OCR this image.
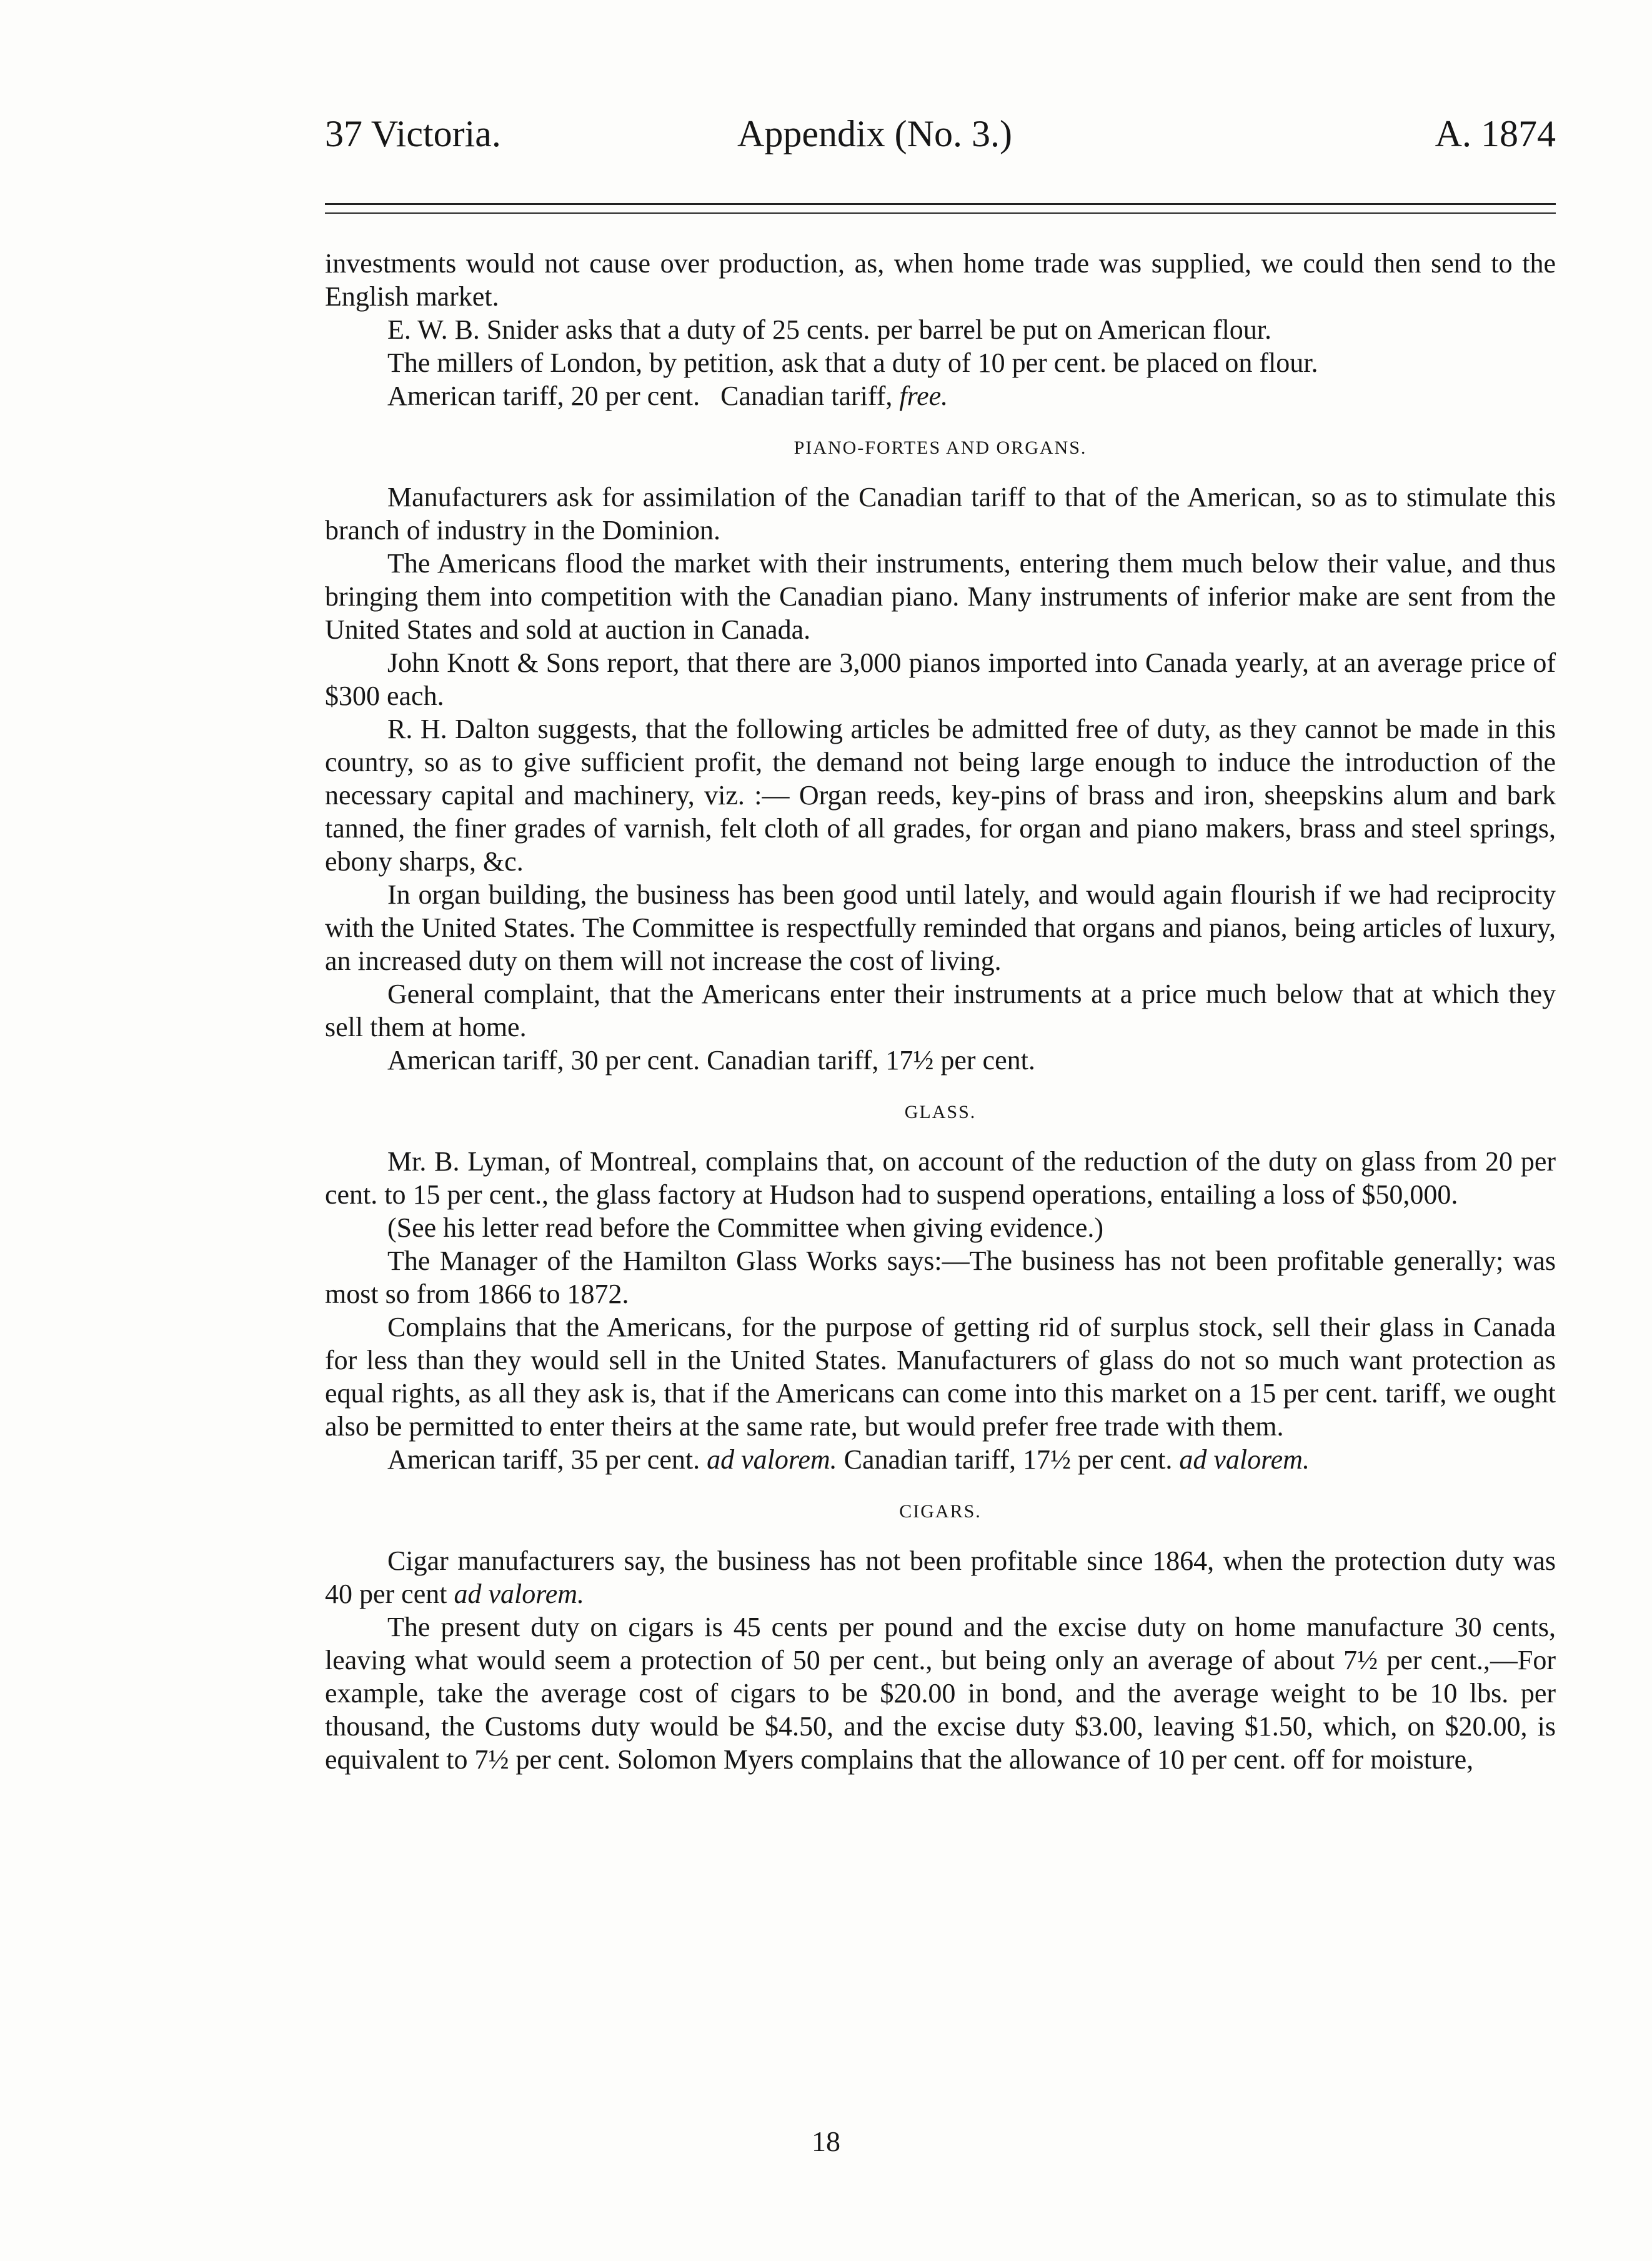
37 Victoria.	Appendix (No. 3.)	A. 1874

investments would not cause over production, as, when home trade was supplied, we could then send to the English market.

E. W. B. Snider asks that a duty of 25 cents. per barrel be put on American flour.

The millers of London, by petition, ask that a duty of 10 per cent. be placed on flour.

American tariff, 20 per cent. Canadian tariff, free.

PIANO-FORTES AND ORGANS.

Manufacturers ask for assimilation of the Canadian tariff to that of the American, so as to stimulate this branch of industry in the Dominion.

The Americans flood the market with their instruments, entering them much below their value, and thus bringing them into competition with the Canadian piano. Many instruments of inferior make are sent from the United States and sold at auction in Canada.

John Knott & Sons report, that there are 3,000 pianos imported into Canada yearly, at an average price of $300 each.

R. H. Dalton suggests, that the following articles be admitted free of duty, as they cannot be made in this country, so as to give sufficient profit, the demand not being large enough to induce the introduction of the necessary capital and machinery, viz. :— Organ reeds, key-pins of brass and iron, sheepskins alum and bark tanned, the finer grades of varnish, felt cloth of all grades, for organ and piano makers, brass and steel springs, ebony sharps, &c.

In organ building, the business has been good until lately, and would again flourish if we had reciprocity with the United States. The Committee is respectfully reminded that organs and pianos, being articles of luxury, an increased duty on them will not increase the cost of living.

General complaint, that the Americans enter their instruments at a price much below that at which they sell them at home.

American tariff, 30 per cent. Canadian tariff, 17½ per cent.

GLASS.

Mr. B. Lyman, of Montreal, complains that, on account of the reduction of the duty on glass from 20 per cent. to 15 per cent., the glass factory at Hudson had to suspend operations, entailing a loss of $50,000.

(See his letter read before the Committee when giving evidence.)

The Manager of the Hamilton Glass Works says:—The business has not been profitable generally; was most so from 1866 to 1872.

Complains that the Americans, for the purpose of getting rid of surplus stock, sell their glass in Canada for less than they would sell in the United States. Manufacturers of glass do not so much want protection as equal rights, as all they ask is, that if the Americans can come into this market on a 15 per cent. tariff, we ought also be permitted to enter theirs at the same rate, but would prefer free trade with them.

American tariff, 35 per cent. ad valorem. Canadian tariff, 17½ per cent. ad valorem.

CIGARS.

Cigar manufacturers say, the business has not been profitable since 1864, when the protection duty was 40 per cent ad valorem.

The present duty on cigars is 45 cents per pound and the excise duty on home manufacture 30 cents, leaving what would seem a protection of 50 per cent., but being only an average of about 7½ per cent.,—For example, take the average cost of cigars to be $20.00 in bond, and the average weight to be 10 lbs. per thousand, the Customs duty would be $4.50, and the excise duty $3.00, leaving $1.50, which, on $20.00, is equivalent to 7½ per cent. Solomon Myers complains that the allowance of 10 per cent. off for moisture,

18
